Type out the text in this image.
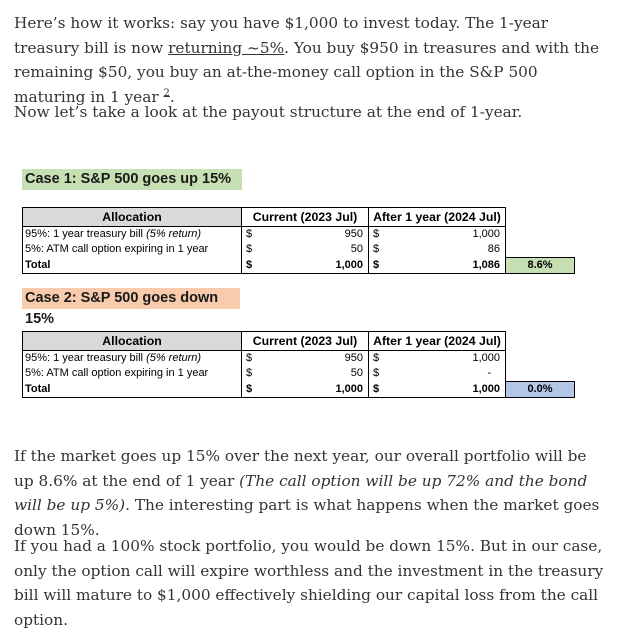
Here’s how it works: say you have $1,000 to invest today. The 1-year treasury bill is now returning ~5%. You buy $950 in treasures and with the remaining $50, you buy an at-the-money call option in the S&P 500 maturing in 1 year $^2$.

Now let’s take a look at the payout structure at the end of 1-year.

Case 1: S&P 500 goes up 15%
Allocation	Current (2023 Jul)	After 1 year (2024 Jul)	
95%: 1 year treasury bill (5% return)	$ 950	$ 1,000	

5%: ATM call option expiring in 1 year	$ 50	$ 86	

Total	$ 1,000	$ 1,086	8.6%
Case 2: S&P 500 goes down 15%
Allocation	Current (2023 Jul)	After 1 year (2024 Jul)	
95%: 1 year treasury bill (5% return)	$ 950	$ 1,000	

5%: ATM call option expiring in 1 year	$ 50	$ -	

Total	$ 1,000	$ 1,000	0.0%

If the market goes up 15% over the next year, our overall portfolio will be up 8.6% at the end of 1 year (The call option will be up 72% and the bond will be up 5%). The interesting part is what happens when the market goes down 15%.

If you had a 100% stock portfolio, you would be down 15%. But in our case, only the option call will expire worthless and the investment in the treasury bill will mature to $1,000 effectively shielding our capital loss from the call option.
